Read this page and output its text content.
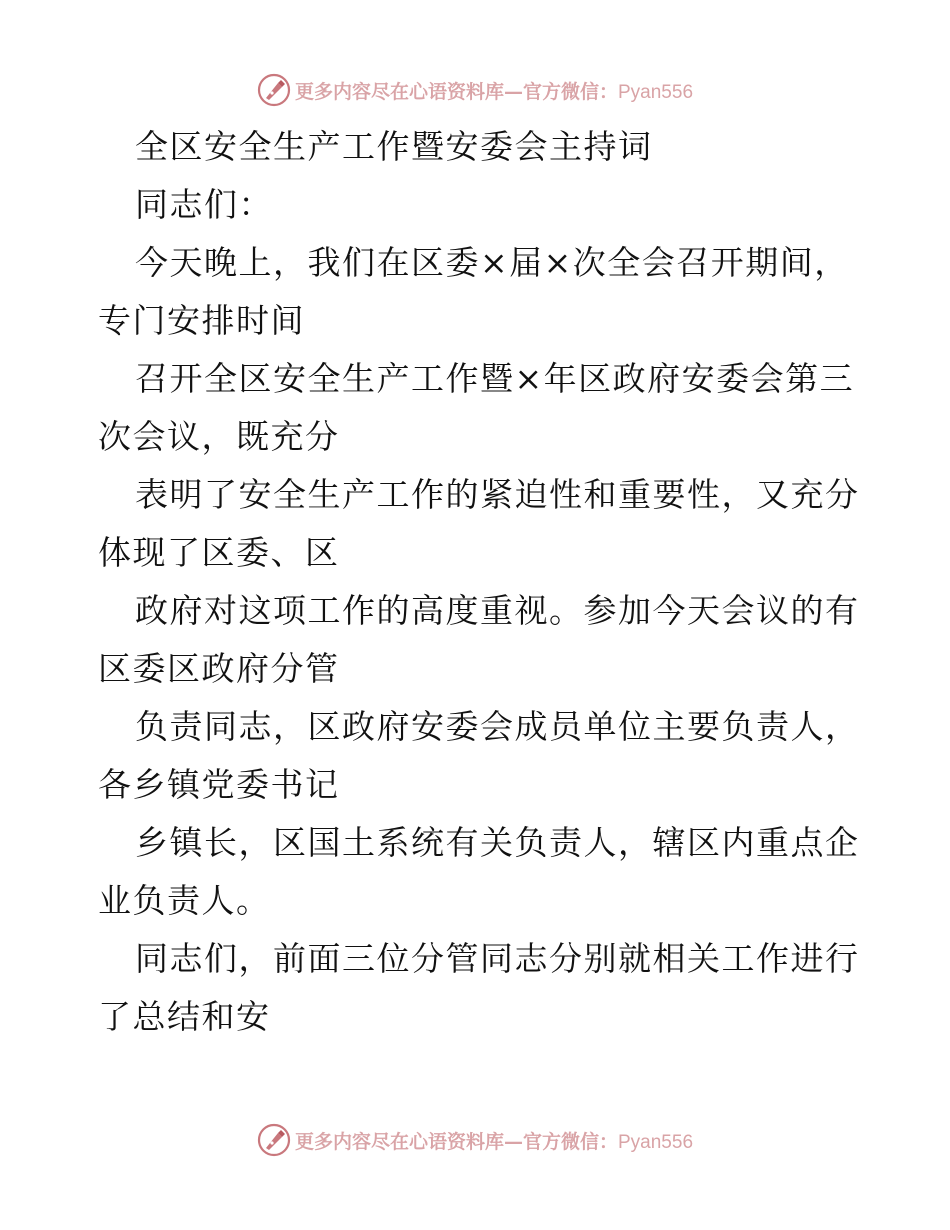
更多内容尽在心语资料库—官方微信：Pyan556
全区安全生产工作暨安委会主持词
同志们：
今天晚上，我们在区委×届×次全会召开期间，
专门安排时间
召开全区安全生产工作暨×年区政府安委会第三
次会议，既充分
表明了安全生产工作的紧迫性和重要性，又充分
体现了区委、区
政府对这项工作的高度重视。参加今天会议的有
区委区政府分管
负责同志，区政府安委会成员单位主要负责人，
各乡镇党委书记
乡镇长，区国土系统有关负责人，辖区内重点企
业负责人。
同志们，前面三位分管同志分别就相关工作进行
了总结和安
更多内容尽在心语资料库—官方微信：Pyan556
